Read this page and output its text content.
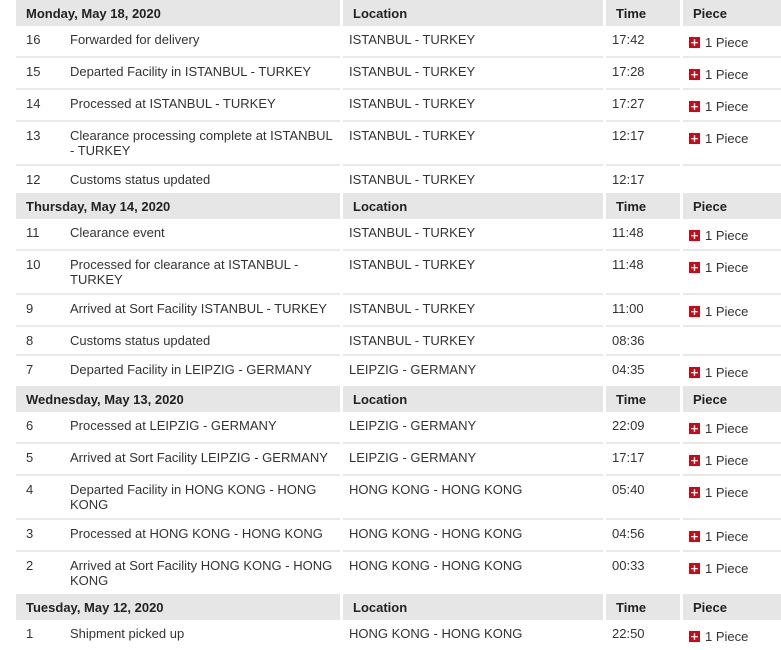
Monday, May 18, 2020			Location		Time		Piece
16	Forwarded for delivery		ISTANBUL - TURKEY		17:42		+ 1 Piece

15	Departed Facility in ISTANBUL - TURKEY		ISTANBUL - TURKEY		17:28		+ 1 Piece

14	Processed at ISTANBUL - TURKEY		ISTANBUL - TURKEY		17:27		+ 1 Piece

13	Clearance processing complete at ISTANBUL - TURKEY		ISTANBUL - TURKEY		12:17		+ 1 Piece

12	Customs status updated		ISTANBUL - TURKEY		12:17		
Thursday, May 14, 2020			Location		Time		Piece
11	Clearance event		ISTANBUL - TURKEY		11:48		+ 1 Piece

10	Processed for clearance at ISTANBUL - TURKEY		ISTANBUL - TURKEY		11:48		+ 1 Piece

9	Arrived at Sort Facility ISTANBUL - TURKEY		ISTANBUL - TURKEY		11:00		+ 1 Piece

8	Customs status updated		ISTANBUL - TURKEY		08:36		
7	Departed Facility in LEIPZIG - GERMANY		LEIPZIG - GERMANY		04:35		+ 1 Piece

Wednesday, May 13, 2020			Location		Time		Piece
6	Processed at LEIPZIG - GERMANY		LEIPZIG - GERMANY		22:09		+ 1 Piece

5	Arrived at Sort Facility LEIPZIG - GERMANY		LEIPZIG - GERMANY		17:17		+ 1 Piece

4	Departed Facility in HONG KONG - HONG KONG		HONG KONG - HONG KONG		05:40		+ 1 Piece

3	Processed at HONG KONG - HONG KONG		HONG KONG - HONG KONG		04:56		+ 1 Piece

2	Arrived at Sort Facility HONG KONG - HONG KONG		HONG KONG - HONG KONG		00:33		+ 1 Piece

Tuesday, May 12, 2020			Location		Time		Piece
1	Shipment picked up		HONG KONG - HONG KONG		22:50		+ 1 Piece
